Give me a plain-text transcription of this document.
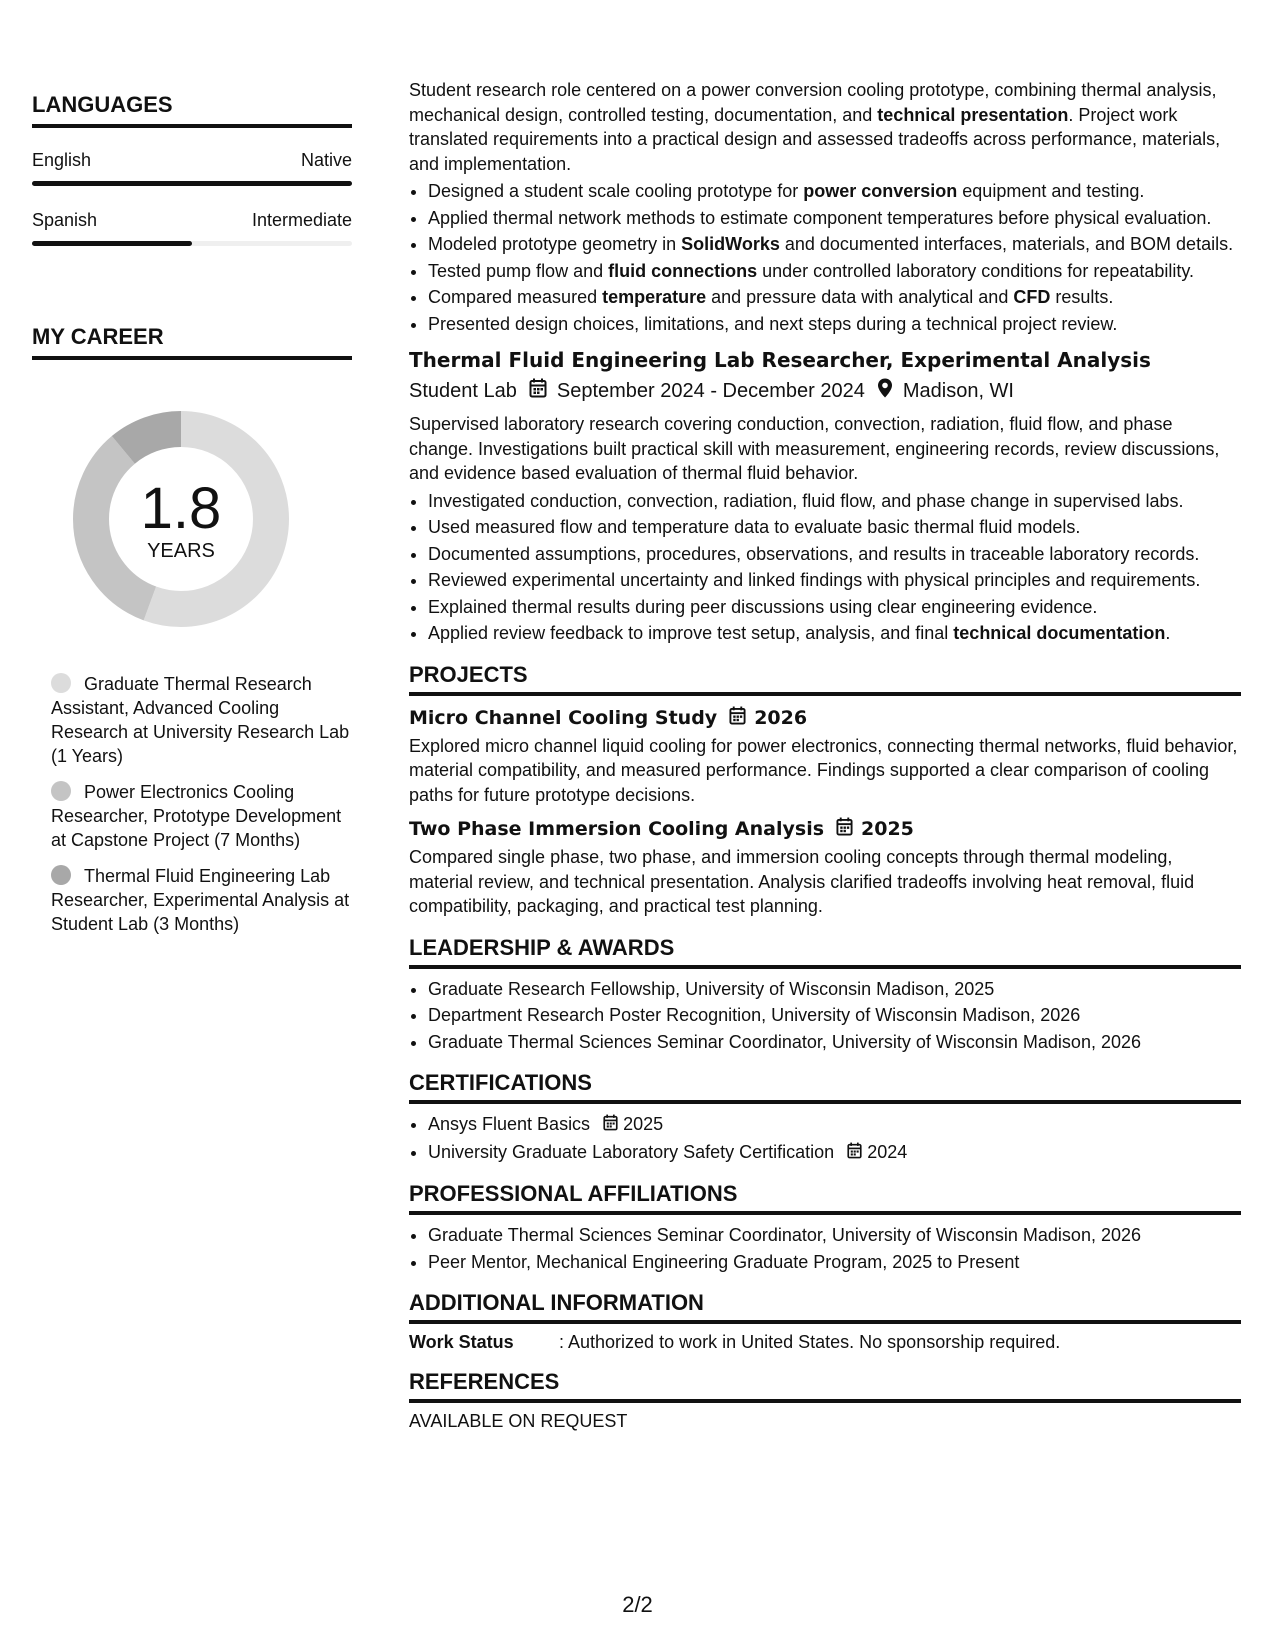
LANGUAGES
English	Native
Spanish	Intermediate
MY CAREER
1.8
YEARS
Graduate Thermal Research Assistant, Advanced Cooling Research at University Research Lab (1 Years)
Power Electronics Cooling Researcher, Prototype Development at Capstone Project (7 Months)
Thermal Fluid Engineering Lab Researcher, Experimental Analysis at Student Lab (3 Months)

Student research role centered on a power conversion cooling prototype, combining thermal analysis, mechanical design, controlled testing, documentation, and technical presentation. Project work translated requirements into a practical design and assessed tradeoffs across performance, materials, and implementation.

• Designed a student scale cooling prototype for power conversion equipment and testing.
• Applied thermal network methods to estimate component temperatures before physical evaluation.
• Modeled prototype geometry in SolidWorks and documented interfaces, materials, and BOM details.
• Tested pump flow and fluid connections under controlled laboratory conditions for repeatability.
• Compared measured temperature and pressure data with analytical and CFD results.
• Presented design choices, limitations, and next steps during a technical project review.
Thermal Fluid Engineering Lab Researcher, Experimental Analysis
Student Lab September 2024 - December 2024 Madison, WI

Supervised laboratory research covering conduction, convection, radiation, fluid flow, and phase change. Investigations built practical skill with measurement, engineering records, review discussions, and evidence based evaluation of thermal fluid behavior.

• Investigated conduction, convection, radiation, fluid flow, and phase change in supervised labs.
• Used measured flow and temperature data to evaluate basic thermal fluid models.
• Documented assumptions, procedures, observations, and results in traceable laboratory records.
• Reviewed experimental uncertainty and linked findings with physical principles and requirements.
• Explained thermal results during peer discussions using clear engineering evidence.
• Applied review feedback to improve test setup, analysis, and final technical documentation.
PROJECTS
Micro Channel Cooling Study 2026

Explored micro channel liquid cooling for power electronics, connecting thermal networks, fluid behavior, material compatibility, and measured performance. Findings supported a clear comparison of cooling paths for future prototype decisions.

Two Phase Immersion Cooling Analysis 2025

Compared single phase, two phase, and immersion cooling concepts through thermal modeling, material review, and technical presentation. Analysis clarified tradeoffs involving heat removal, fluid compatibility, packaging, and practical test planning.

LEADERSHIP & AWARDS
• Graduate Research Fellowship, University of Wisconsin Madison, 2025
• Department Research Poster Recognition, University of Wisconsin Madison, 2026
• Graduate Thermal Sciences Seminar Coordinator, University of Wisconsin Madison, 2026
CERTIFICATIONS
• Ansys Fluent Basics 2025
• University Graduate Laboratory Safety Certification 2024
PROFESSIONAL AFFILIATIONS
• Graduate Thermal Sciences Seminar Coordinator, University of Wisconsin Madison, 2026
• Peer Mentor, Mechanical Engineering Graduate Program, 2025 to Present
ADDITIONAL INFORMATION
Work Status	: Authorized to work in United States. No sponsorship required.
REFERENCES
AVAILABLE ON REQUEST
2/2
